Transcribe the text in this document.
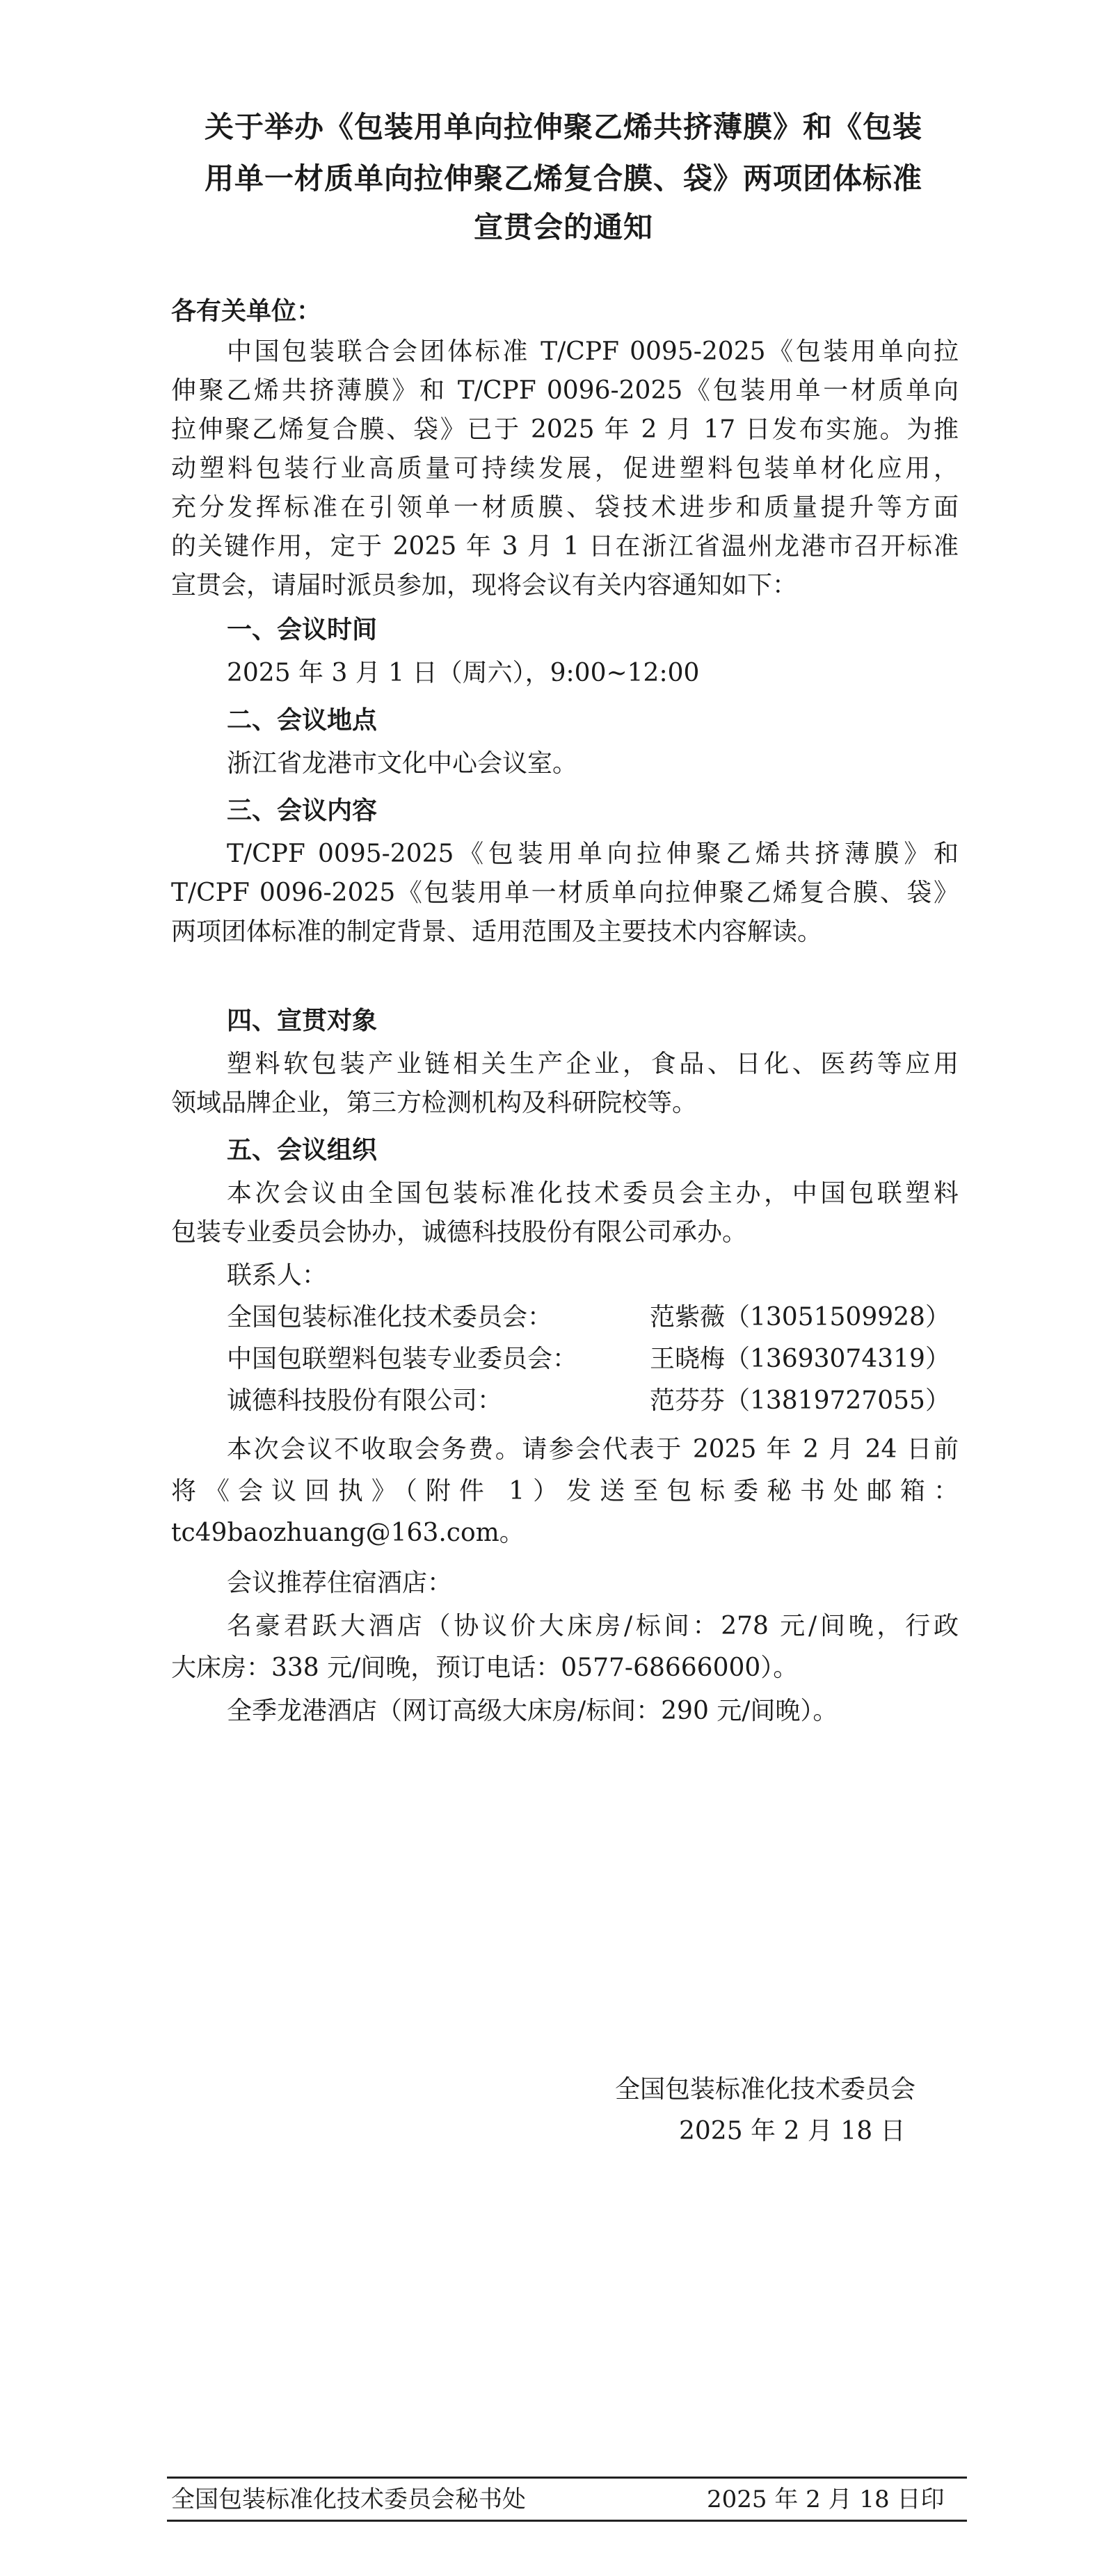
关于举办《包装用单向拉伸聚乙烯共挤薄膜》和《包装
用单一材质单向拉伸聚乙烯复合膜、袋》两项团体标准
宣贯会的通知
各有关单位：
中国包装联合会团体标准 T/CPF 0095-2025《包装用单向拉
伸聚乙烯共挤薄膜》和 T/CPF 0096-2025《包装用单一材质单向
拉伸聚乙烯复合膜、袋》已于 2025 年 2 月 17 日发布实施。为推
动塑料包装行业高质量可持续发展，促进塑料包装单材化应用，
充分发挥标准在引领单一材质膜、袋技术进步和质量提升等方面
的关键作用，定于 2025 年 3 月 1 日在浙江省温州龙港市召开标准
宣贯会，请届时派员参加，现将会议有关内容通知如下：
一、会议时间
2025 年 3 月 1 日（周六），9:00~12:00
二、会议地点
浙江省龙港市文化中心会议室。
三、会议内容
T/CPF 0095-2025《包装用单向拉伸聚乙烯共挤薄膜》和
T/CPF 0096-2025《包装用单一材质单向拉伸聚乙烯复合膜、袋》
两项团体标准的制定背景、适用范围及主要技术内容解读。
四、宣贯对象
塑料软包装产业链相关生产企业，食品、日化、医药等应用
领域品牌企业，第三方检测机构及科研院校等。
五、会议组织
本次会议由全国包装标准化技术委员会主办，中国包联塑料
包装专业委员会协办，诚德科技股份有限公司承办。
联系人：
全国包装标准化技术委员会：	范紫薇（13051509928）
中国包联塑料包装专业委员会：	王晓梅（13693074319）
诚德科技股份有限公司：	范芬芬（13819727055）
本次会议不收取会务费。请参会代表于 2025 年 2 月 24 日前
将《会议回执》（附件 1）发送至包标委秘书处邮箱：
tc49baozhuang@163.com。
会议推荐住宿酒店：
名豪君跃大酒店（协议价大床房/标间：278 元/间晚，行政
大床房：338 元/间晚，预订电话：0577-68666000）。
全季龙港酒店（网订高级大床房/标间：290 元/间晚）。
全国包装标准化技术委员会
2025 年 2 月 18 日
全国包装标准化技术委员会秘书处	2025 年 2 月 18 日印
